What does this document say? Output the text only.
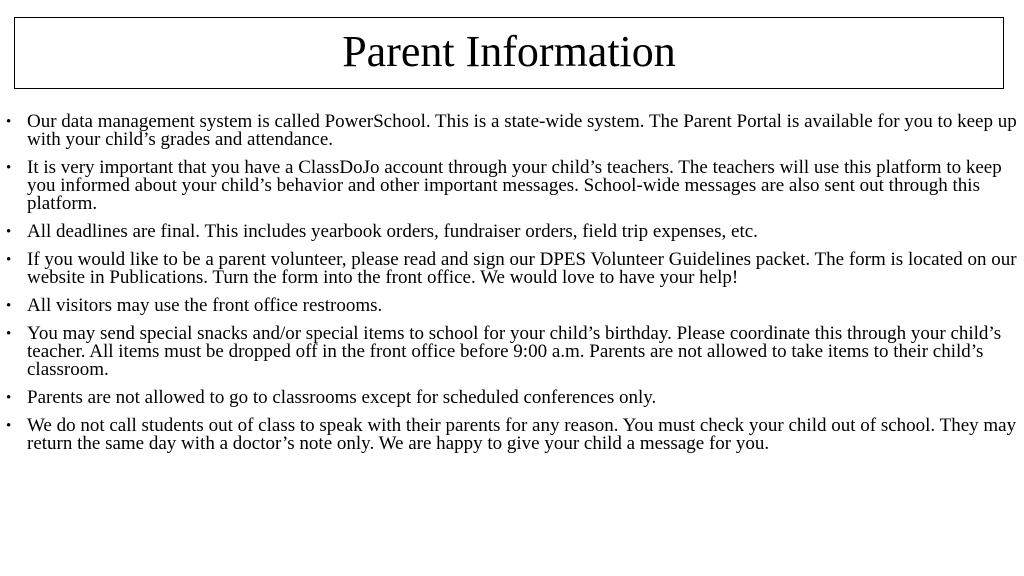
Parent Information
• Our data management system is called PowerSchool. This is a state-wide system. The Parent Portal is available for you to keep up with your child’s grades and attendance.
• It is very important that you have a ClassDoJo account through your child’s teachers. The teachers will use this platform to keep you informed about your child’s behavior and other important messages. School-wide messages are also sent out through this platform.
• All deadlines are final. This includes yearbook orders, fundraiser orders, field trip expenses, etc.
• If you would like to be a parent volunteer, please read and sign our DPES Volunteer Guidelines packet. The form is located on our website in Publications. Turn the form into the front office. We would love to have your help!
• All visitors may use the front office restrooms.
• You may send special snacks and/or special items to school for your child’s birthday. Please coordinate this through your child’s teacher. All items must be dropped off in the front office before 9:00 a.m. Parents are not allowed to take items to their child’s classroom.
• Parents are not allowed to go to classrooms except for scheduled conferences only.
• We do not call students out of class to speak with their parents for any reason. You must check your child out of school. They may return the same day with a doctor’s note only. We are happy to give your child a message for you.
